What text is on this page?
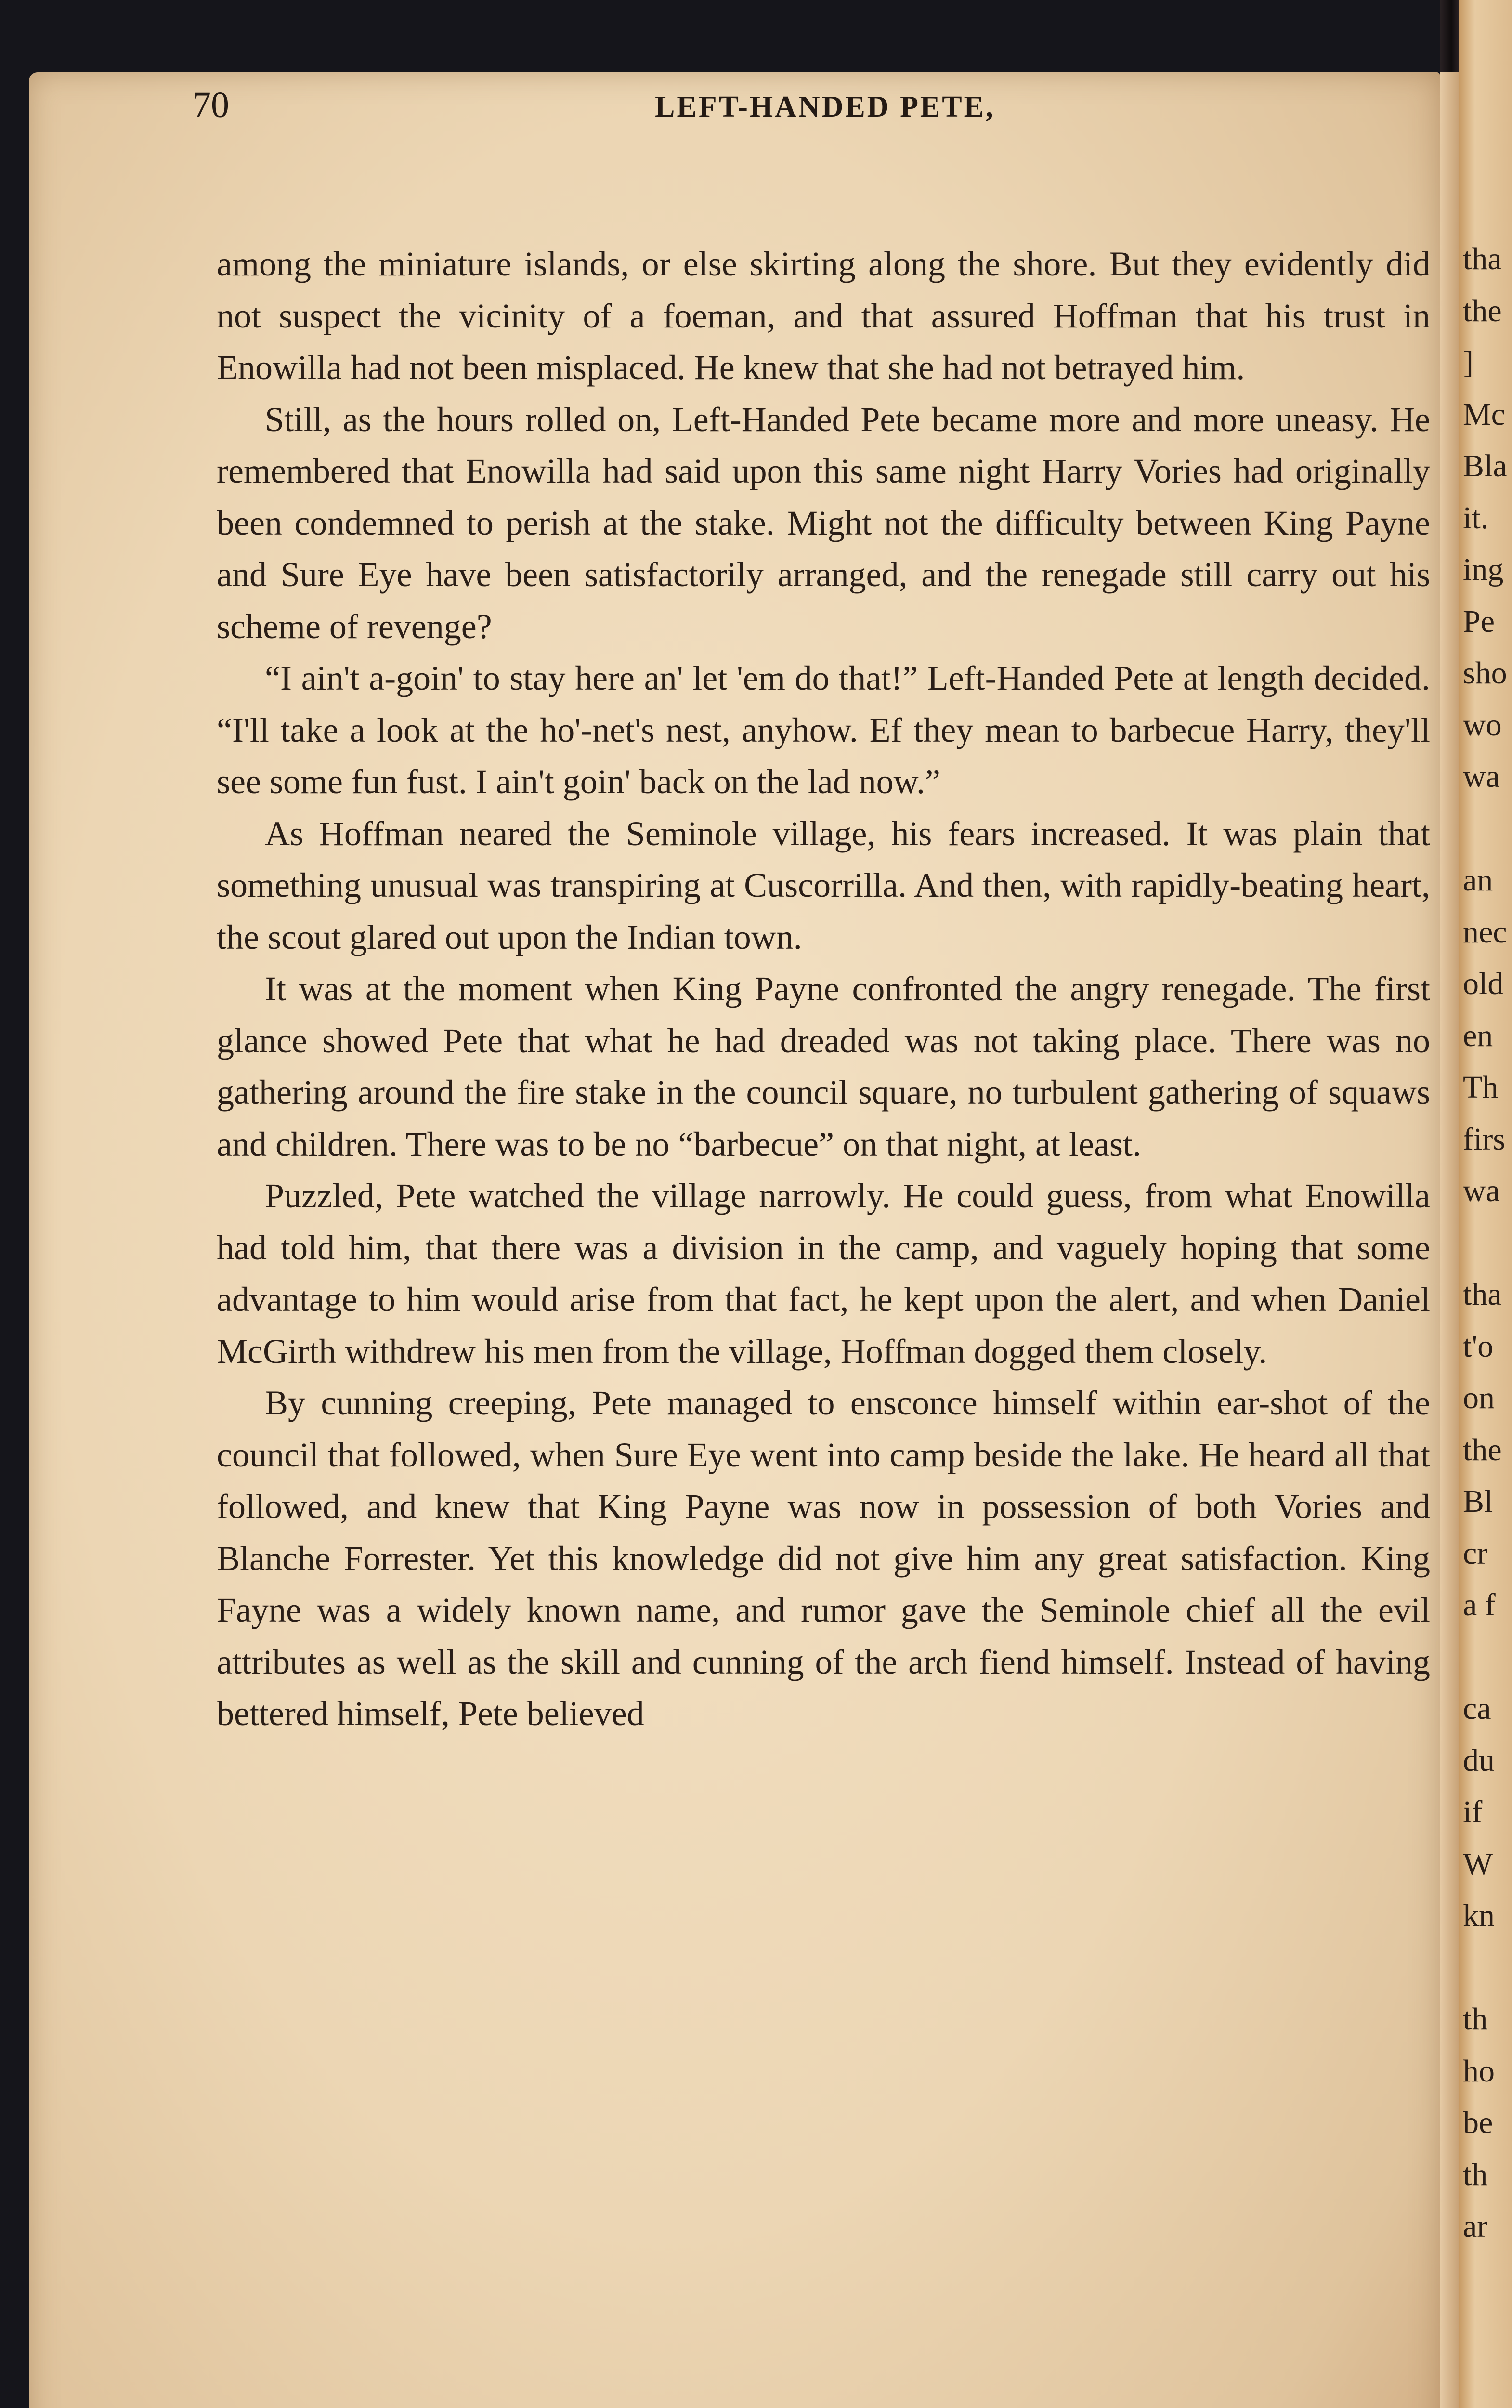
70	LEFT-HANDED PETE,

among the miniature islands, or else skirting along the shore. But they evidently did not suspect the vicinity of a foeman, and that assured Hoffman that his trust in Enowilla had not been misplaced. He knew that she had not betrayed him.

Still, as the hours rolled on, Left-Handed Pete became more and more uneasy. He remembered that Enowilla had said upon this same night Harry Vories had originally been condemned to perish at the stake. Might not the difficulty between King Payne and Sure Eye have been satisfactorily arranged, and the renegade still carry out his scheme of revenge?

“I ain't a-goin' to stay here an' let 'em do that!” Left-Handed Pete at length decided. “I'll take a look at the ho'-net's nest, anyhow. Ef they mean to barbecue Harry, they'll see some fun fust. I ain't goin' back on the lad now.”

As Hoffman neared the Seminole village, his fears increased. It was plain that something unusual was transpiring at Cuscorrilla. And then, with rapidly-beating heart, the scout glared out upon the Indian town.

It was at the moment when King Payne confronted the angry renegade. The first glance showed Pete that what he had dreaded was not taking place. There was no gathering around the fire stake in the council square, no turbulent gathering of squaws and children. There was to be no “barbecue” on that night, at least.

Puzzled, Pete watched the village narrowly. He could guess, from what Enowilla had told him, that there was a division in the camp, and vaguely hoping that some advantage to him would arise from that fact, he kept upon the alert, and when Daniel McGirth withdrew his men from the village, Hoffman dogged them closely.

By cunning creeping, Pete managed to ensconce himself within ear-shot of the council that followed, when Sure Eye went into camp beside the lake. He heard all that followed, and knew that King Payne was now in possession of both Vories and Blanche Forrester. Yet this knowledge did not give him any great satisfaction. King Fayne was a widely known name, and rumor gave the Seminole chief all the evil attributes as well as the skill and cunning of the arch fiend himself. Instead of having bettered himself, Pete believed

tha
the
]
Mc
Bla
it.
ing
Pe
sho
wo
wa
an
nec
old
en
Th
firs
wa
tha
t'o
on
the
Bl
cr
a f
ca
du
if
W
kn
th
ho
be
th
ar
